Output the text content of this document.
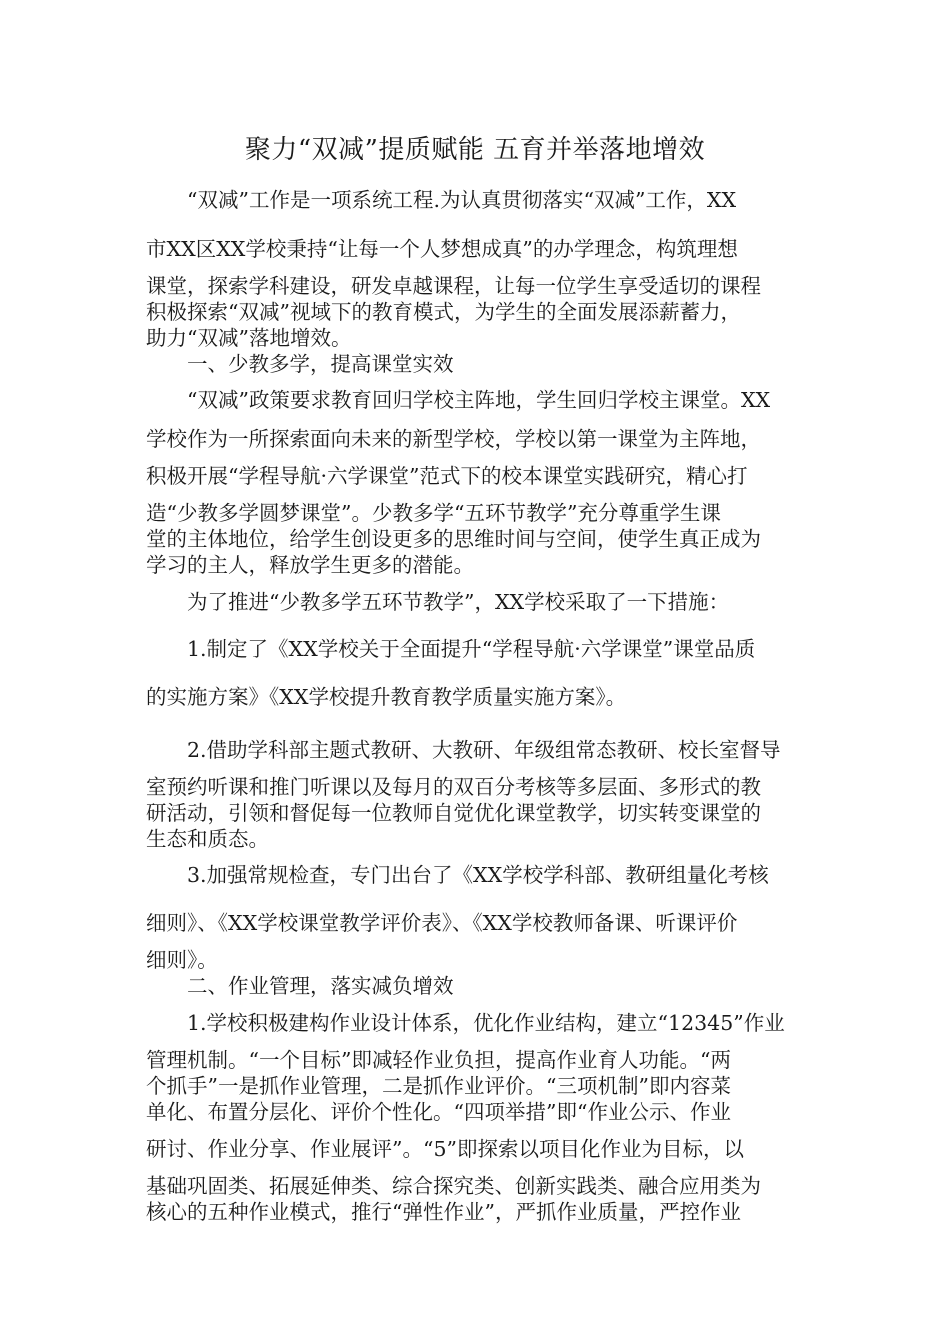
聚力“双减”提质赋能 五育并举落地增效
“双减”工作是一项系统工程.为认真贯彻落实“双减”工作，XX
市XX区XX学校秉持“让每一个人梦想成真”的办学理念，构筑理想
课堂，探索学科建设，研发卓越课程，让每一位学生享受适切的课程
积极探索“双减”视域下的教育模式，为学生的全面发展添薪蓄力，
助力“双减”落地增效。
一、少教多学，提高课堂实效
“双减”政策要求教育回归学校主阵地，学生回归学校主课堂。XX
学校作为一所探索面向未来的新型学校，学校以第一课堂为主阵地，
积极开展“学程导航·六学课堂”范式下的校本课堂实践研究，精心打
造“少教多学圆梦课堂”。少教多学“五环节教学”充分尊重学生课
堂的主体地位，给学生创设更多的思维时间与空间，使学生真正成为
学习的主人，释放学生更多的潜能。
为了推进“少教多学五环节教学”，XX学校采取了一下措施：
1.制定了《XX学校关于全面提升“学程导航·六学课堂”课堂品质
的实施方案》《XX学校提升教育教学质量实施方案》。
2.借助学科部主题式教研、大教研、年级组常态教研、校长室督导
室预约听课和推门听课以及每月的双百分考核等多层面、多形式的教
研活动，引领和督促每一位教师自觉优化课堂教学，切实转变课堂的
生态和质态。
3.加强常规检查，专门出台了《XX学校学科部、教研组量化考核
细则》、《XX学校课堂教学评价表》、《XX学校教师备课、听课评价
细则》。
二、作业管理，落实减负增效
1.学校积极建构作业设计体系，优化作业结构，建立“12345”作业
管理机制。“一个目标”即减轻作业负担，提高作业育人功能。“两
个抓手”一是抓作业管理，二是抓作业评价。“三项机制”即内容菜
单化、布置分层化、评价个性化。“四项举措”即“作业公示、作业
研讨、作业分享、作业展评”。“5”即探索以项目化作业为目标，以
基础巩固类、拓展延伸类、综合探究类、创新实践类、融合应用类为
核心的五种作业模式，推行“弹性作业”，严抓作业质量，严控作业
